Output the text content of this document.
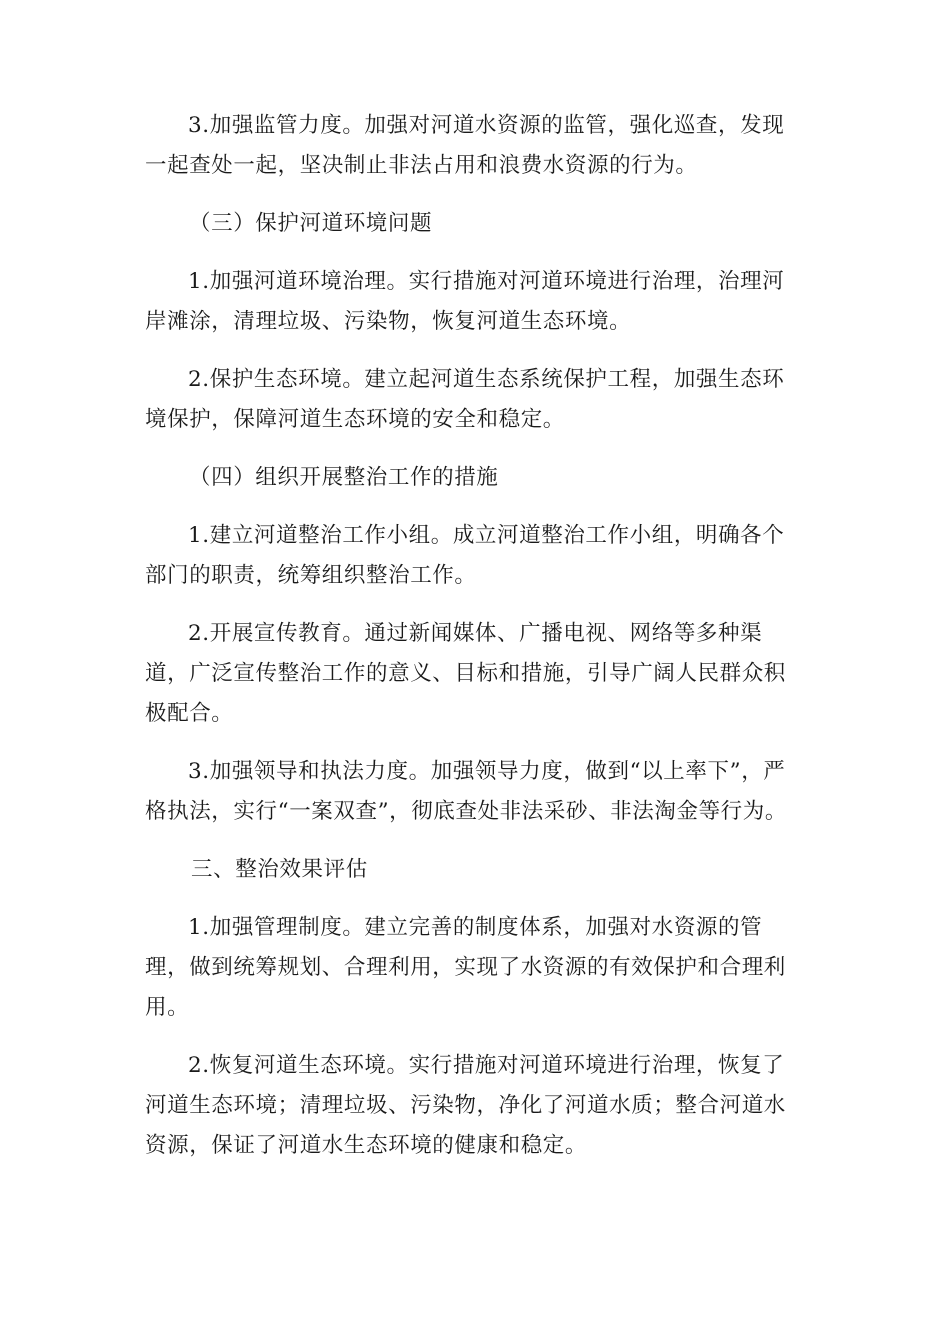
3.加强监管力度。加强对河道水资源的监管，强化巡查，发现一起查处一起，坚决制止非法占用和浪费水资源的行为。

（三）保护河道环境问题

1.加强河道环境治理。实行措施对河道环境进行治理，治理河岸滩涂，清理垃圾、污染物，恢复河道生态环境。

2.保护生态环境。建立起河道生态系统保护工程，加强生态环境保护，保障河道生态环境的安全和稳定。

（四）组织开展整治工作的措施

1.建立河道整治工作小组。成立河道整治工作小组，明确各个部门的职责，统筹组织整治工作。

2.开展宣传教育。通过新闻媒体、广播电视、网络等多种渠道，广泛宣传整治工作的意义、目标和措施，引导广阔人民群众积极配合。

3.加强领导和执法力度。加强领导力度，做到“以上率下”，严格执法，实行“一案双查”，彻底查处非法采砂、非法淘金等行为。

三、整治效果评估

1.加强管理制度。建立完善的制度体系，加强对水资源的管理，做到统筹规划、合理利用，实现了水资源的有效保护和合理利用。

2.恢复河道生态环境。实行措施对河道环境进行治理，恢复了河道生态环境；清理垃圾、污染物，净化了河道水质；整合河道水资源，保证了河道水生态环境的健康和稳定。
